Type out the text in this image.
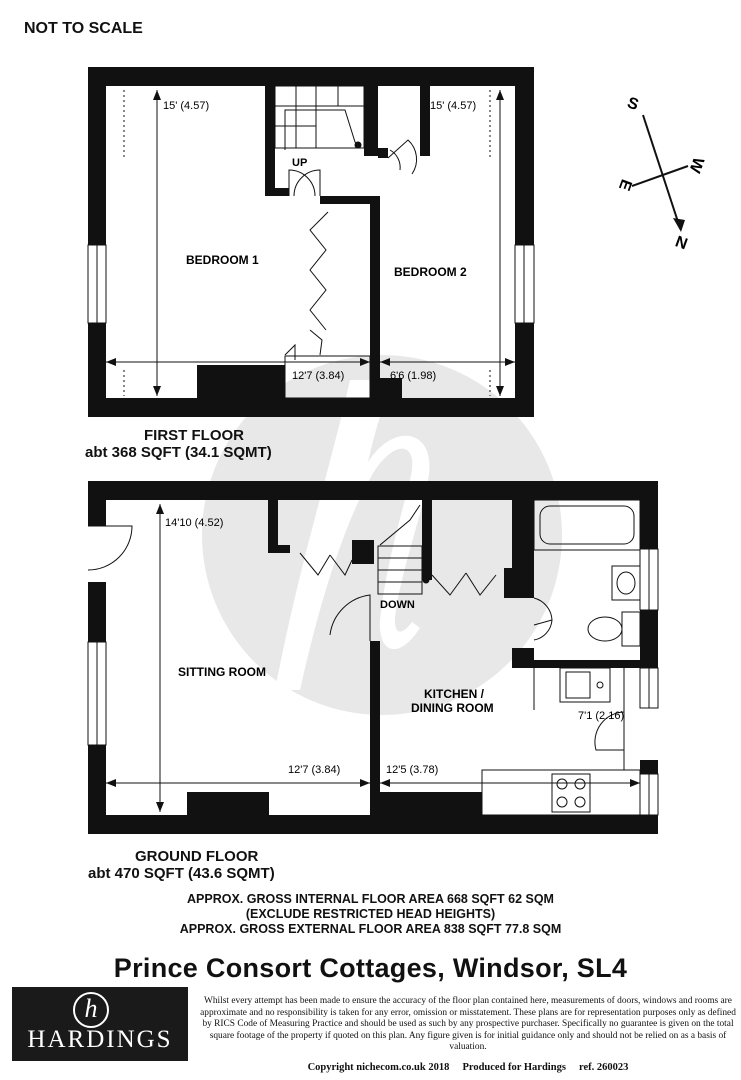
NOT TO SCALE
15' (4.57)	15' (4.57)
BEDROOM 1
BEDROOM 2
UP
12'7 (3.84)	6'6 (1.98)
S
N
W
E
14'10 (4.52)
SITTING ROOM
DOWN
KITCHEN /
DINING ROOM
7'1 (2.16)
12'7 (3.84)	12'5 (3.78)
FIRST FLOOR
abt 368 SQFT (34.1 SQMT)
GROUND FLOOR
abt 470 SQFT (43.6 SQMT)
APPROX. GROSS INTERNAL FLOOR AREA 668 SQFT 62 SQM
(EXCLUDE RESTRICTED HEAD HEIGHTS)
APPROX. GROSS EXTERNAL FLOOR AREA 838 SQFT 77.8 SQM
Prince Consort Cottages, Windsor, SL4
h
HARDINGS
Whilst every attempt has been made to ensure the accuracy of the floor plan contained here, measurements of doors, windows and rooms are approximate and no responsibility is taken for any error, omission or misstatement. These plans are for representation purposes only as defined by RICS Code of Measuring Practice and should be used as such by any prospective purchaser. Specifically no guarantee is given on the total square footage of the property if quoted on this plan. Any figure given is for initial guidance only and should not be relied on as a basis of valuation.
Copyright nichecom.co.uk 2018     Produced for Hardings     ref. 260023
